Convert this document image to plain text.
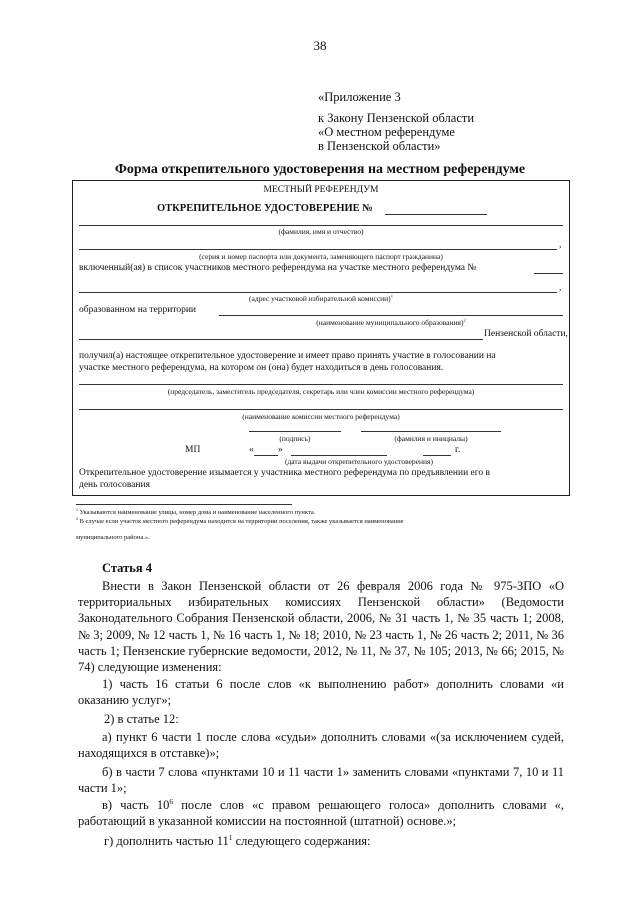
38
«Приложение 3
к Закону Пензенской области
«О местном референдуме
в Пензенской области»
Форма открепительного удостоверения на местном референдуме
МЕСТНЫЙ РЕФЕРЕНДУМ
ОТКРЕПИТЕЛЬНОЕ УДОСТОВЕРЕНИЕ №
(фамилия, имя и отчество)
,
(серия и номер паспорта или документа, заменяющего паспорт гражданина)
включенный(ая) в список участников местного референдума на участке местного референдума №
,
(адрес участковой избирательной комиссии)$^1$
образованном на территории
(наименование муниципального образования)$^2$
Пензенской области,
получил(а) настоящее открепительное удостоверение и имеет право принять участие в голосовании на
участке местного референдума, на котором он (она) будет находиться в день голосования.
(председатель, заместитель председателя, секретарь или член комиссии местного референдума)
(наименование комиссии местного референдума)
(подпись)	(фамилия и инициалы)
МП	«	»	г.
(дата выдачи открепительного удостоверения)
Открепительное удостоверение изымается у участника местного референдума по предъявлении его в
день голосования
$^1$ Указываются наименование улицы, номер дома и наименование населенного пункта.
$^2$ В случае если участок местного референдума находится на территории поселения, также указывается наименование
муниципального района.».
Статья 4
Внести в Закон Пензенской области от 26 февраля 2006 года № 975-ЗПО «О территориальных избирательных комиссиях Пензенской области» (Ведомости Законодательного Собрания Пензенской области, 2006, № 31 часть 1, № 35 часть 1; 2008, № 3; 2009, № 12 часть 1, № 16 часть 1, № 18; 2010, № 23 часть 1, № 26 часть 2; 2011, № 36 часть 1; Пензенские губернские ведомости, 2012, № 11, № 37, № 105; 2013, № 66; 2015, № 74) следующие изменения:
1) часть 16 статьи 6 после слов «к выполнению работ» дополнить словами «и оказанию услуг»;
2) в статье 12:
а) пункт 6 части 1 после слова «судьи» дополнить словами «(за исключением судей, находящихся в отставке)»;
б) в части 7 слова «пунктами 10 и 11 части 1» заменить словами «пунктами 7, 10 и 11 части 1»;
в) часть $10^6$ после слов «с правом решающего голоса» дополнить словами «, работающий в указанной комиссии на постоянной (штатной) основе.»;
г) дополнить частью $11^1$ следующего содержания:
